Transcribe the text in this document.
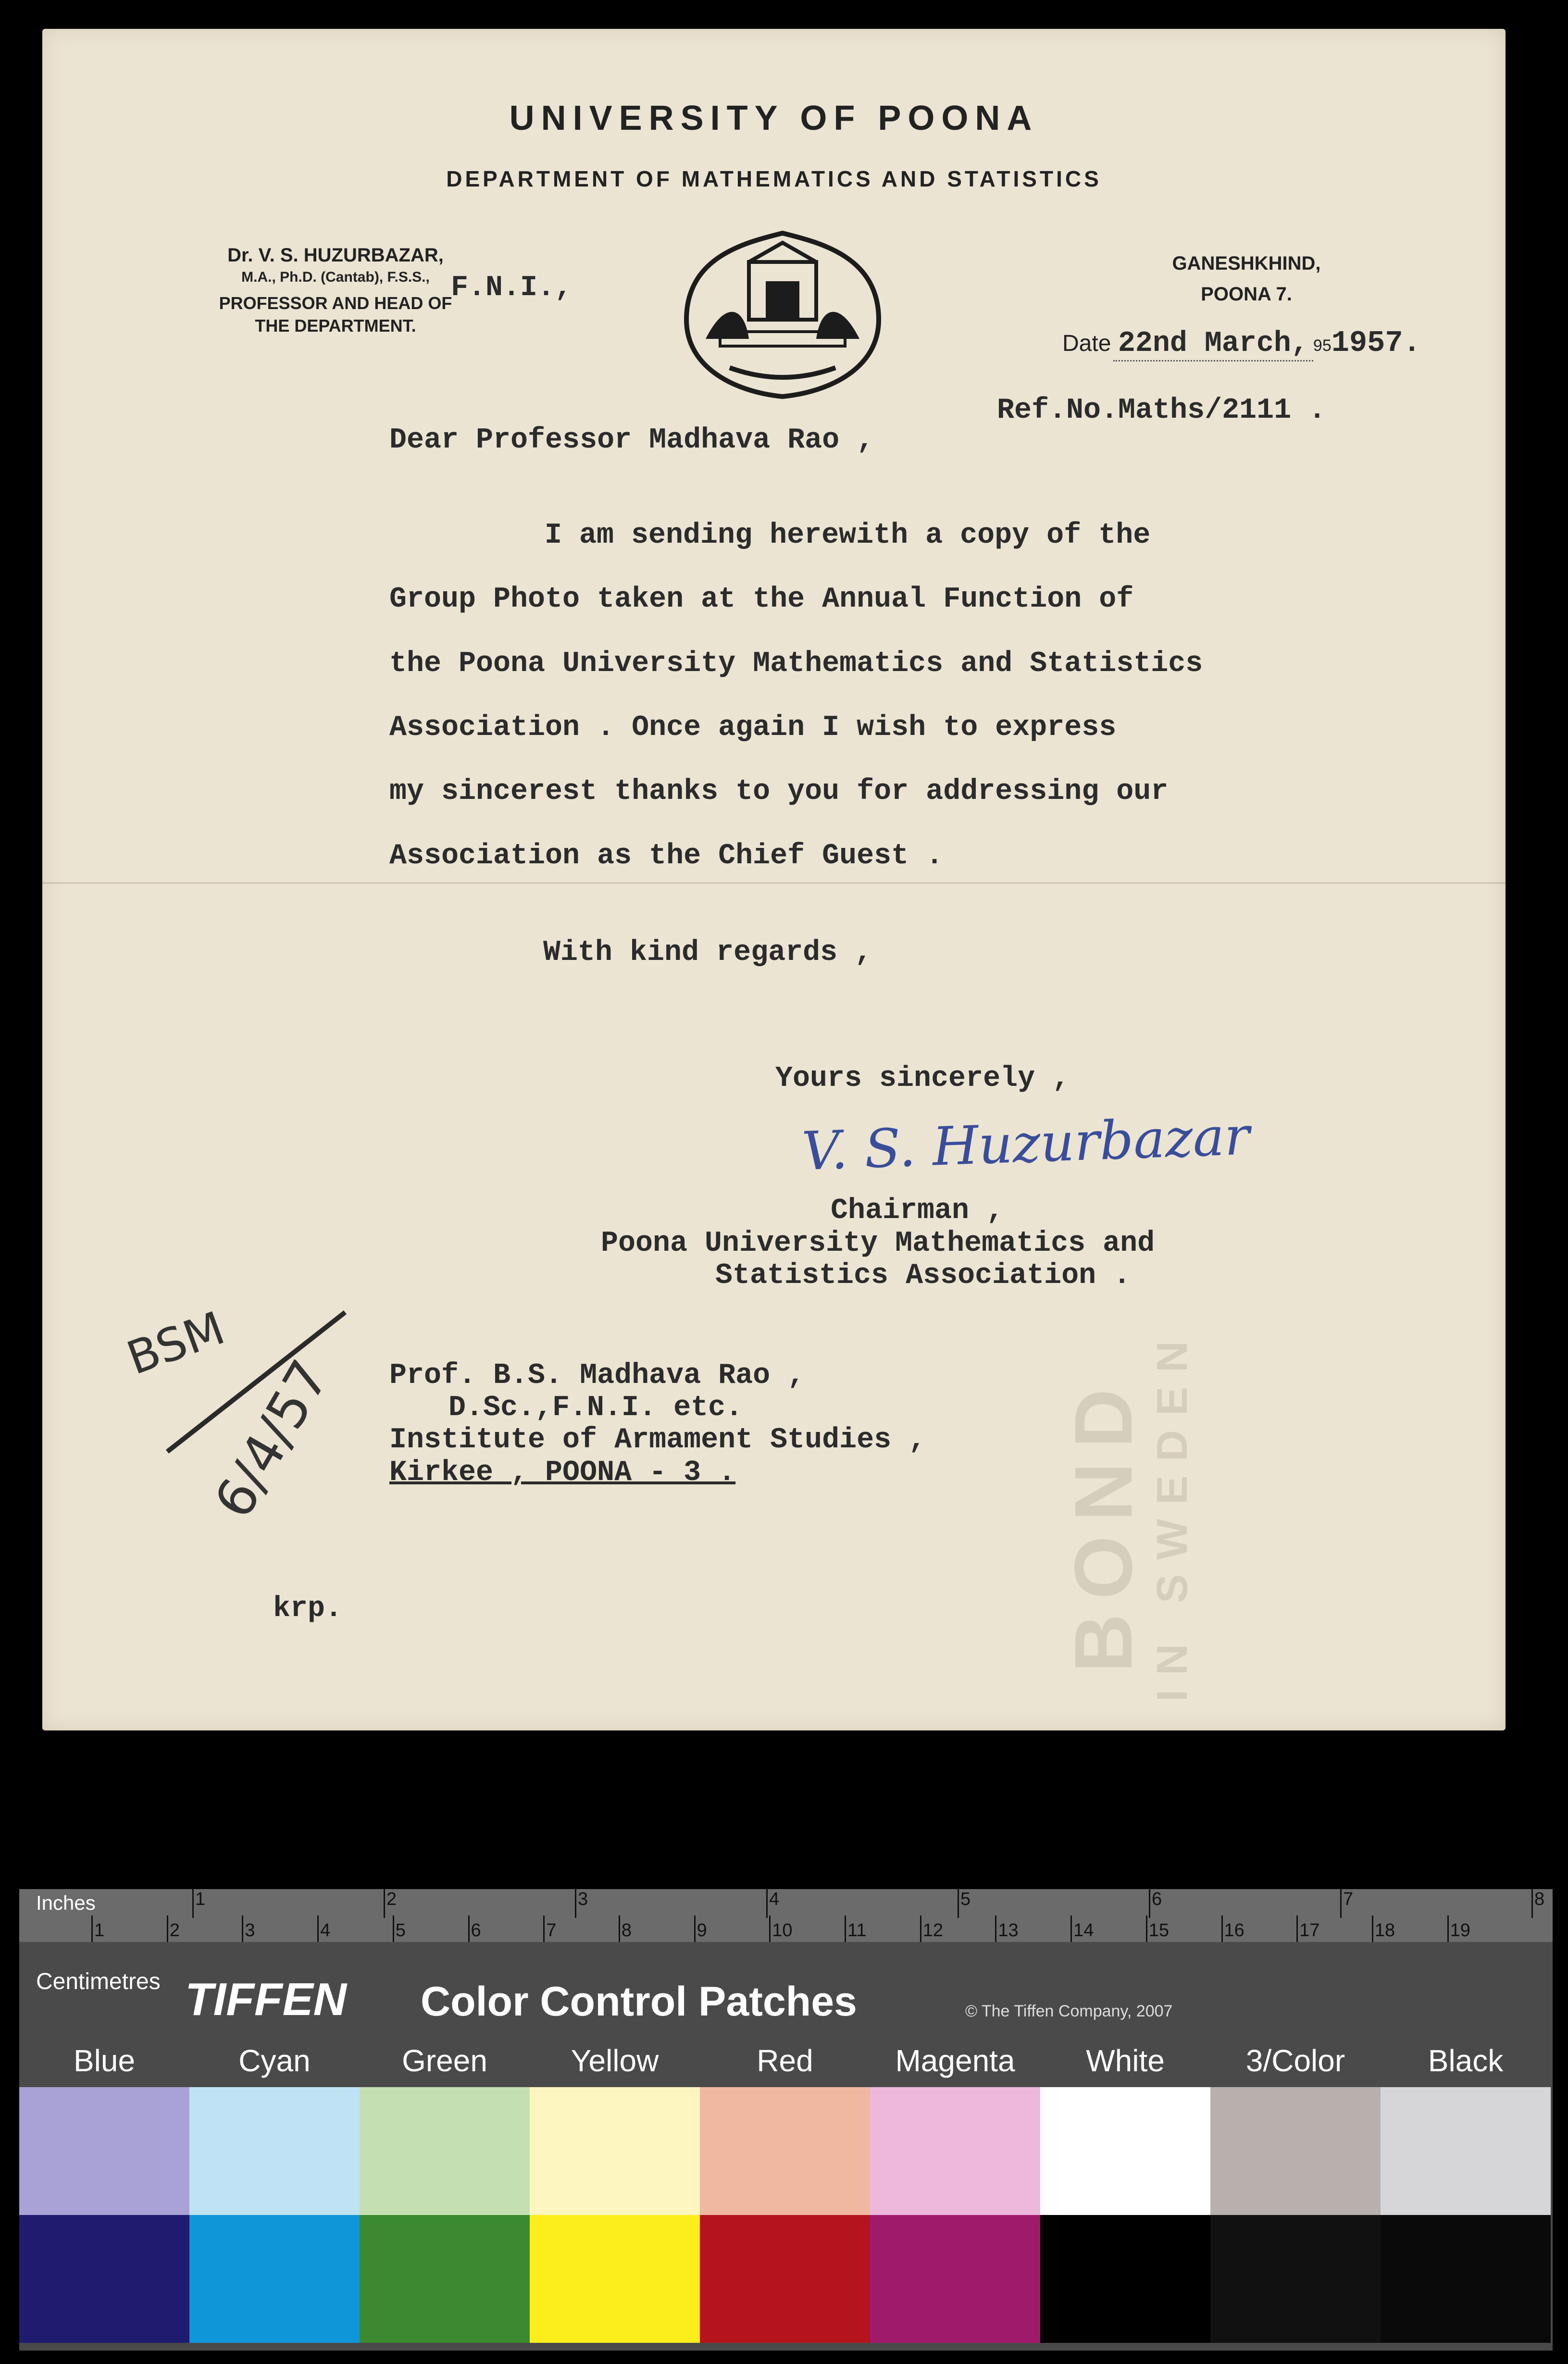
BOND
IN SWEDEN
UNIVERSITY OF POONA
DEPARTMENT OF MATHEMATICS AND STATISTICS
Dr. V. S. HUZURBAZAR,
M.A., Ph.D. (Cantab), F.S.S.,
PROFESSOR AND HEAD OF
THE DEPARTMENT.
F.N.I.,
GANESHKHIND,
POONA 7.
Date 22nd March, 951957.
Ref.No.Maths/2111 .
Dear Professor Madhava Rao ,
I am sending herewith a copy of the
Group Photo taken at the Annual Function of
the Poona University Mathematics and Statistics
Association . Once again I wish to express
my sincerest thanks to you for addressing our
Association as the Chief Guest .
With kind regards ,
Yours sincerely ,
V. S. Huzurbazar
Chairman ,
Poona University Mathematics and
Statistics Association .
BSM
6/4/57 Prof. B.S. Madhava Rao ,
D.Sc.,F.N.I. etc.
Institute of Armament Studies ,
Kirkee , POONA - 3 .
krp.
Inches	1	2	3	4	5	6	7	8
1	2	3	4	5	6	7	8	9	10	11	12	13	14	15	16	17	18	19
Centimetres TIFFEN Color Control Patches	© The Tiffen Company, 2007
Blue	Cyan	Green	Yellow	Red	Magenta	White	3/Color	Black
